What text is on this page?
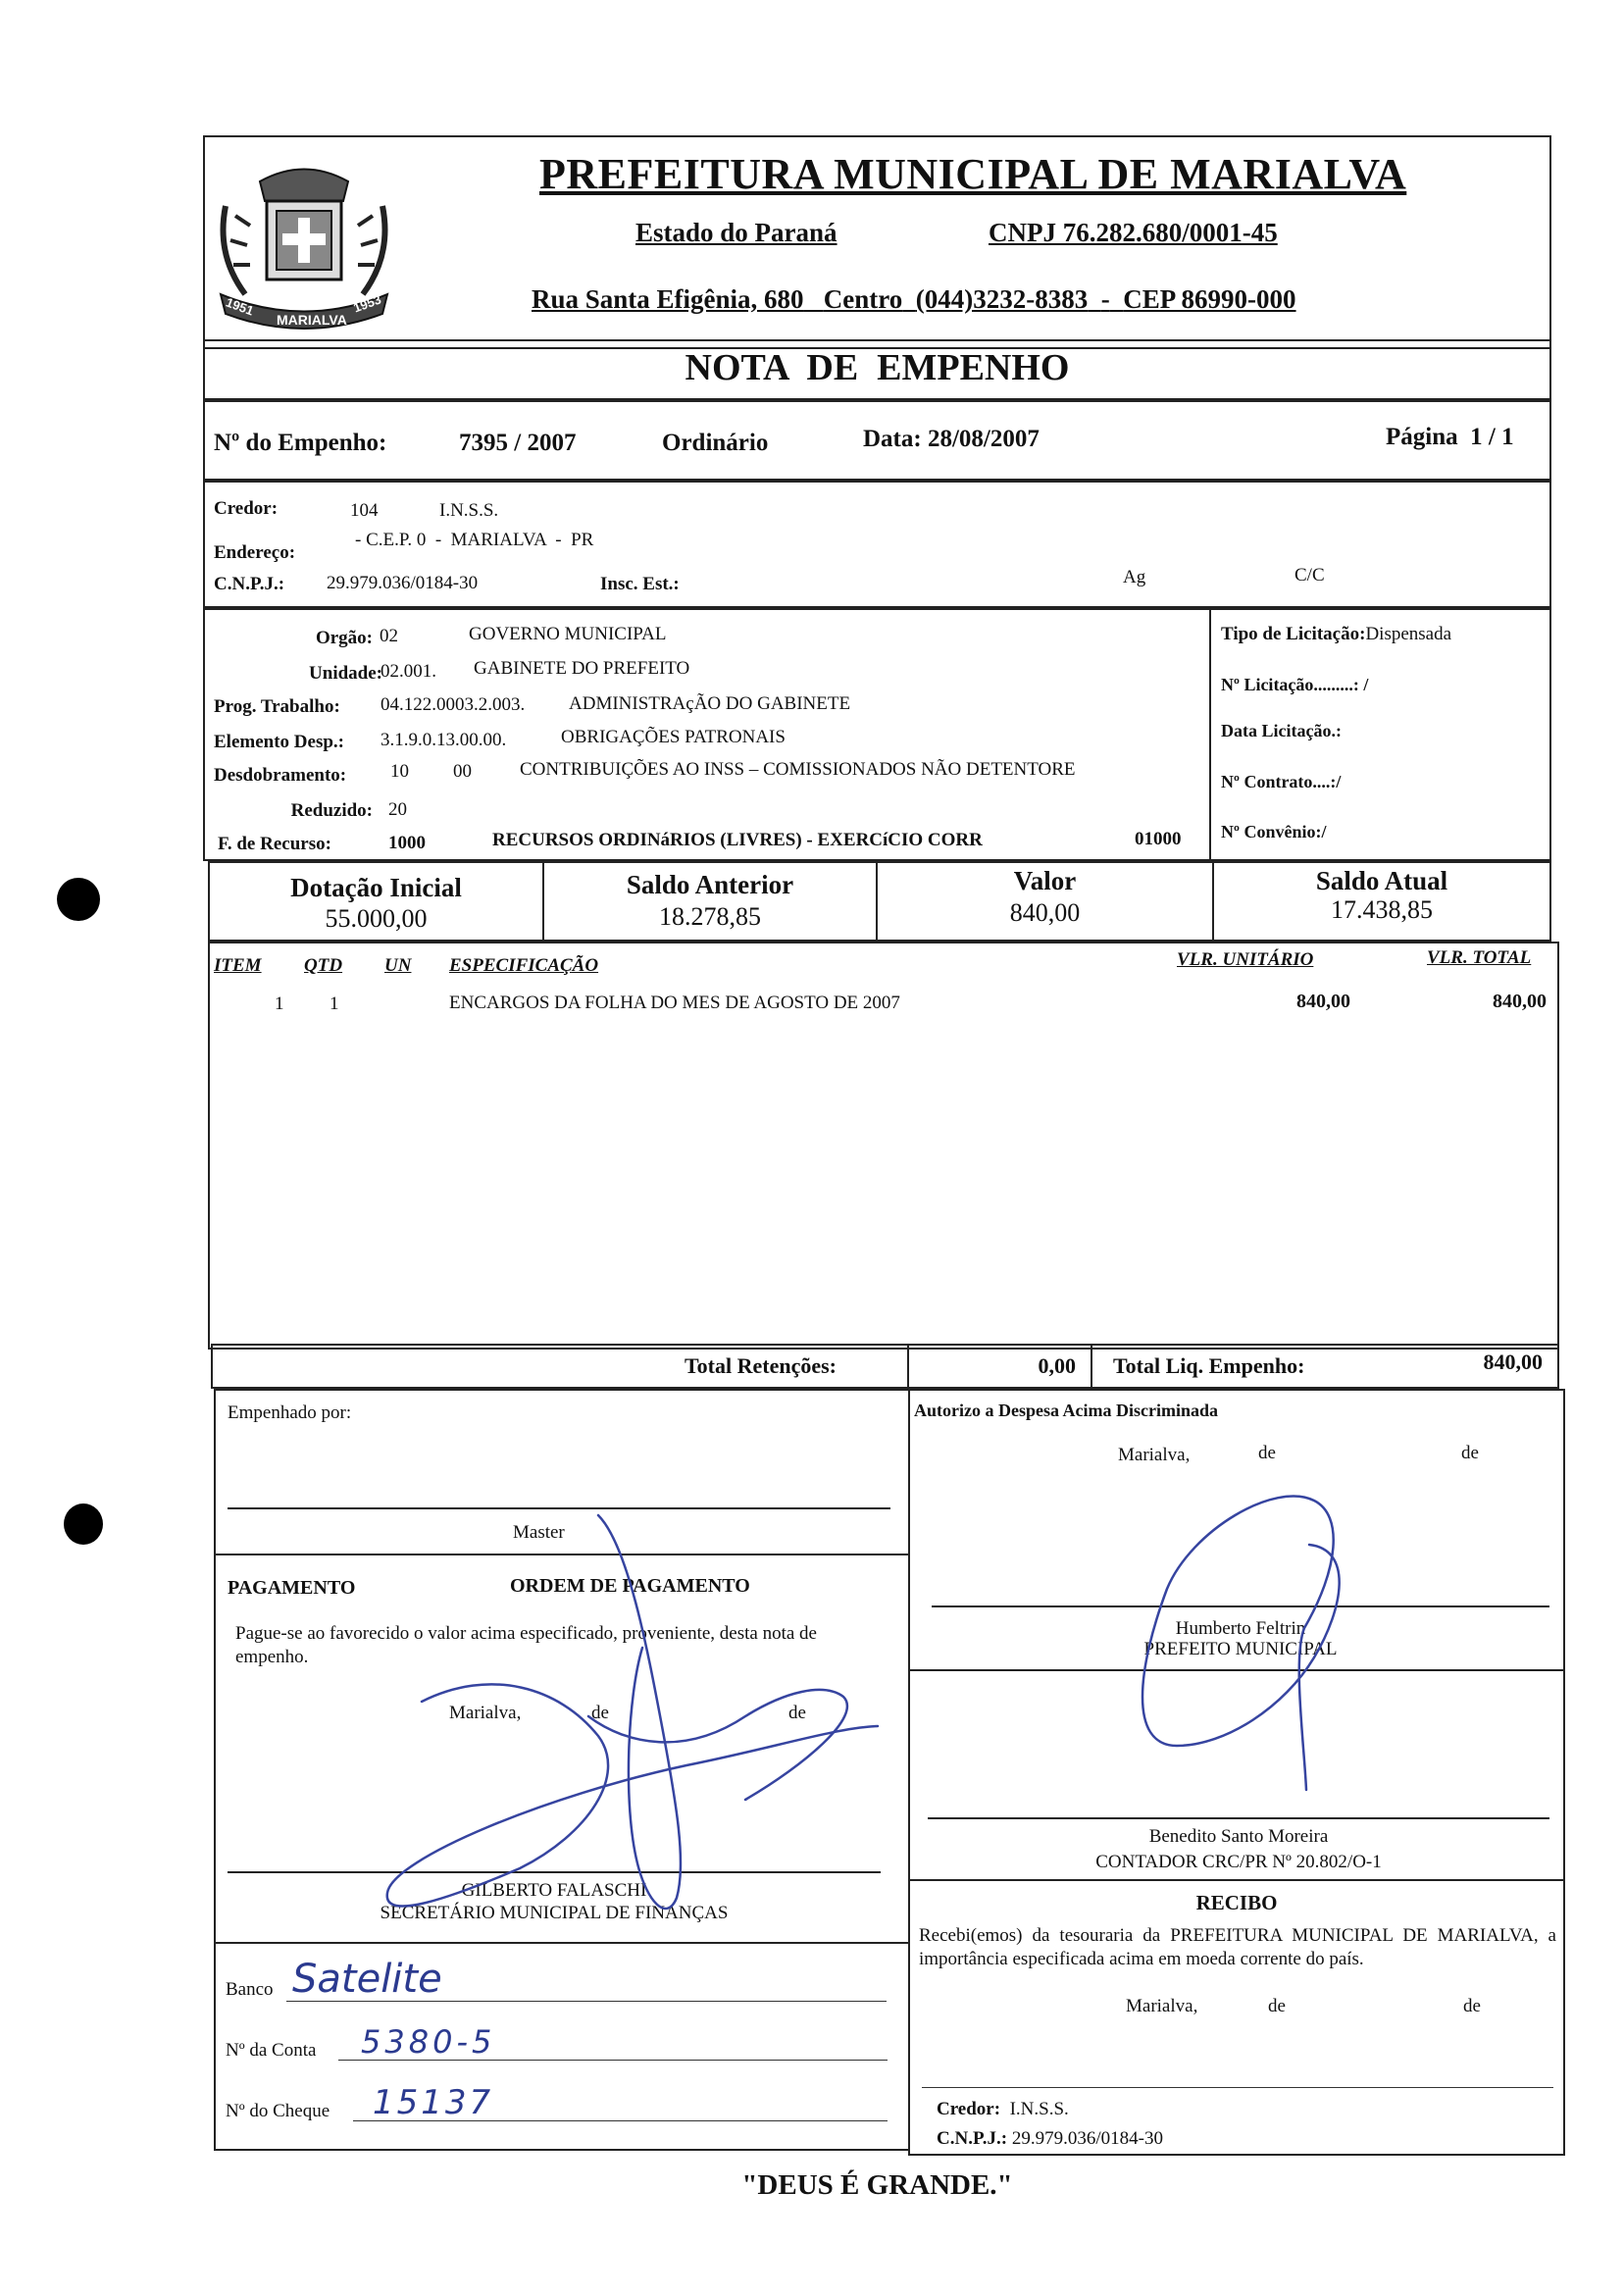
1951
MARIALVA
1953
PREFEITURA MUNICIPAL DE MARIALVA
Estado do Paraná	CNPJ 76.282.680/0001-45
Rua Santa Efigênia, 680 Centro (044)3232-8383 - CEP 86990-000
NOTA  DE  EMPENHO
Nº do Empenho:	7395 / 2007	Ordinário	Data: 28/08/2007	Página 1 / 1
Credor:	104	I.N.S.S.
Endereço:
- C.E.P. 0  -  MARIALVA  -  PR
C.N.P.J.: 29.979.036/0184-30	Insc. Est.:	Ag	C/C
Orgão: 02	GOVERNO MUNICIPAL
Unidade:
02.001. GABINETE DO PREFEITO
Prog. Trabalho: 04.122.0003.2.003. ADMINISTRAçÃO DO GABINETE
Elemento Desp.: 3.1.9.0.13.00.00.	OBRIGAÇÕES PATRONAIS
Desdobramento: 10 00	CONTRIBUIÇÕES AO INSS – COMISSIONADOS NÃO DETENTORE
Reduzido: 20
F. de Recurso:	1000	RECURSOS ORDINáRIOS (LIVRES) - EXERCíCIO CORR	01000
Tipo de Licitação:Dispensada
Nº Licitação.........: /
Data Licitação.:
Nº Contrato....:/
Nº Convênio:/
Dotação Inicial
55.000,00
Saldo Anterior
18.278,85
Valor
840,00
Saldo Atual
17.438,85
ITEM QTD UN ESPECIFICAÇÃO	VLR. UNITÁRIO	VLR. TOTAL
1 1	ENCARGOS DA FOLHA DO MES DE AGOSTO DE 2007	840,00	840,00
Total Retenções:	0,00 Total Liq. Empenho:	840,00
Empenhado por:
Master
PAGAMENTO	ORDEM DE PAGAMENTO
Pague-se ao favorecido o valor acima especificado, proveniente, desta nota de empenho.
Marialva,	de	de
GILBERTO FALASCHI
SECRETÁRIO MUNICIPAL DE FINANÇAS
Banco Satelite
Nº da Conta 5380-5
Nº do Cheque 15137
Autorizo a Despesa Acima Discriminada
Marialva,	de	de
Humberto Feltrin
PREFEITO MUNICIPAL
Benedito Santo Moreira
CONTADOR CRC/PR Nº 20.802/O-1
RECIBO
Recebi(emos) da tesouraria da PREFEITURA MUNICIPAL DE MARIALVA, a importância especificada acima em moeda corrente do país.
Marialva,	de	de
Credor: I.N.S.S.
C.N.P.J.: 29.979.036/0184-30
"DEUS É GRANDE."
